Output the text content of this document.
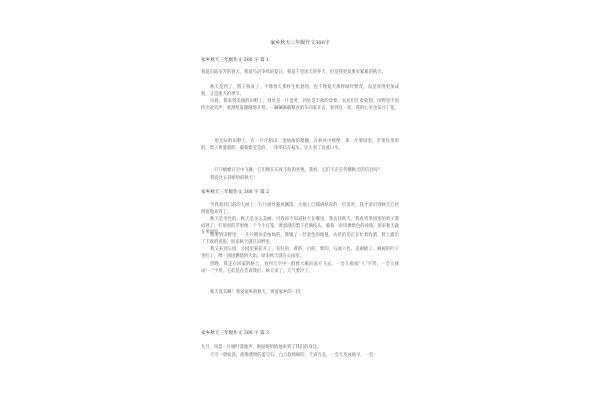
家乡秋天三年级作文300字
家乡秋天三年级作文 300 字 篇 1
我爱启迪多芳的春天，我爱鸟语争鸣的夏日，我爱千里冰天的冬天，但是我更爱果实累累的秋天。
秋天是到了，稻子熟成了，不像春天那样生机勃勃，也不像夏天那样绿叶繁茂，而是显得更加成熟，又是迷人的季节。
早晨，我来到美丽的田野上，到处是一片金黄，到处是丰收的景象，农民们忙着收割，田野里不时传出欢笑声，收割机轰隆隆地开着，一辆辆满载粮食的车向家开去，看到这一切，我的心里也乐开了花。
一望无际的田野上，有一片片稻田，金灿灿的稻穗，在秋风中摇摆，那一片果园里，苹果红彤彤的，梨子黄澄澄的，葡萄紫莹莹的，一串串挂在枝头，让人看了直流口水。
一只只蜻蜓在空中飞舞，它们像在庆祝丰收的喜悦，我看，它们不正在传播秋天的信息吗？
我爱这五彩缤纷的秋天！
家乡秋天三年级作文 300 字 篇 2
当我看到门前的大树上一片片树叶随风飘落，大地上已铺满厚厚的一层落叶，我才意识到秋天已经悄悄地来到了。
秋天是金色的，秋天是多么美丽，可我却不知道秋天在哪里。我去找秋天，我看到果园里的果子都成熟了，红彤彤的苹果像一个个小灯笼，黄澄澄的梨子挂满枝头，葡萄一串串像紫色的珍珠，原来秋天就在果园里。
我来到田野里，一片片稻田金灿灿的，像铺了一层金色的地毯，农民伯伯正在忙着收割，脸上露出了丰收的喜悦。原来秋天就在田野里。
我又来到公园，公园里菊花开了，有红的、黄的、白的、紫的，五颜六色，美丽极了。枫树的叶子也红了，像一团团燃烧的火焰。原来秋天就在公园里。
傍晚，我走在回家的路上，看到天空中一群群大雁向南方飞去，一会儿排成“人”字形，一会儿排成“一”字形，它们是在告诉我们：秋天来了，天气要冷了。
秋天真美啊！我爱家乡的秋天，更爱家乡的一切。
家乡秋天三年级作文 300 字 篇 3
九月，风景一片树叶落地声，秋姑娘悄悄地来到了我们的身边。
天空一碧如洗，就像透明的蓝宝石。白云软绵绵的，千姿百态，一会儿变成绵羊，一会
